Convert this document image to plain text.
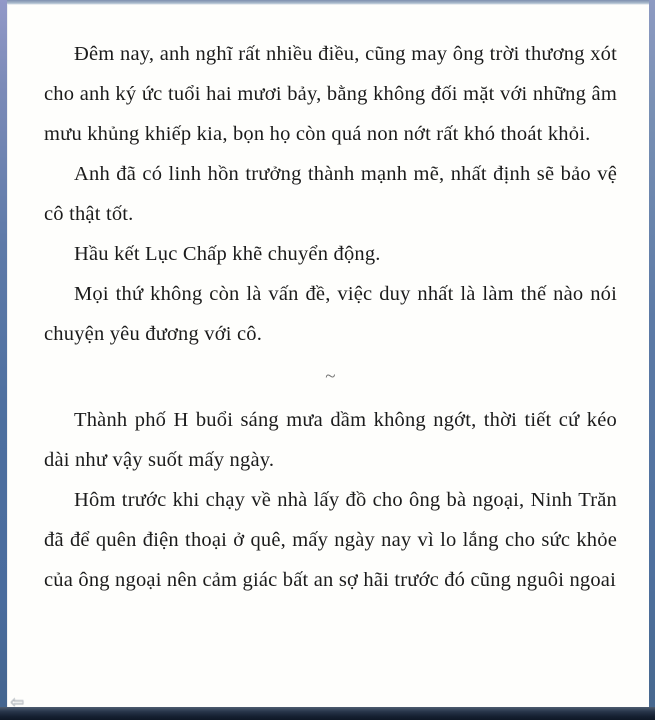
Đêm nay, anh nghĩ rất nhiều điều, cũng may ông trời thương xót cho anh ký ức tuổi hai mươi bảy, bằng không đối mặt với những âm mưu khủng khiếp kia, bọn họ còn quá non nớt rất khó thoát khỏi.

Anh đã có linh hồn trưởng thành mạnh mẽ, nhất định sẽ bảo vệ cô thật tốt.

Hầu kết Lục Chấp khẽ chuyển động.

Mọi thứ không còn là vấn đề, việc duy nhất là làm thế nào nói chuyện yêu đương với cô.

~

Thành phố H buổi sáng mưa dầm không ngớt, thời tiết cứ kéo dài như vậy suốt mấy ngày.

Hôm trước khi chạy về nhà lấy đồ cho ông bà ngoại, Ninh Trăn đã để quên điện thoại ở quê, mấy ngày nay vì lo lắng cho sức khỏe của ông ngoại nên cảm giác bất an sợ hãi trước đó cũng nguôi ngoai

⇦
